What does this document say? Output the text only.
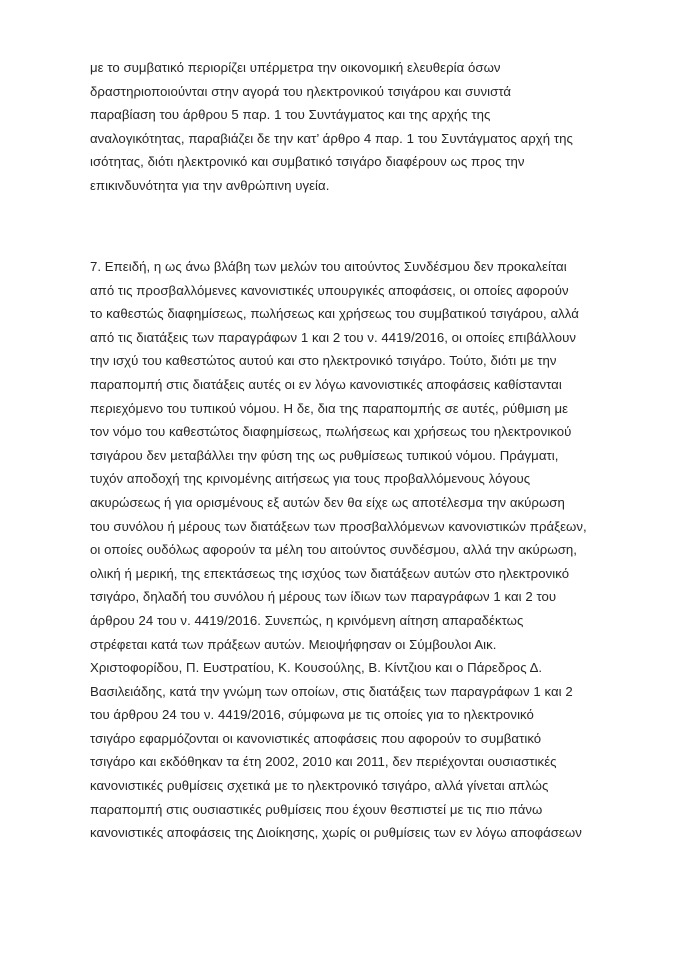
με το συμβατικό περιορίζει υπέρμετρα την οικονομική ελευθερία όσων
δραστηριοποιούνται στην αγορά του ηλεκτρονικού τσιγάρου και συνιστά
παραβίαση του άρθρου 5 παρ. 1 του Συντάγματος και της αρχής της
αναλογικότητας, παραβιάζει δε την κατ’ άρθρο 4 παρ. 1 του Συντάγματος αρχή της
ισότητας, διότι ηλεκτρονικό και συμβατικό τσιγάρο διαφέρουν ως προς την
επικινδυνότητα για την ανθρώπινη υγεία.

7. Επειδή, η ως άνω βλάβη των μελών του αιτούντος Συνδέσμου δεν προκαλείται
από τις προσβαλλόμενες κανονιστικές υπουργικές αποφάσεις, οι οποίες αφορούν
το καθεστώς διαφημίσεως, πωλήσεως και χρήσεως του συμβατικού τσιγάρου, αλλά
από τις διατάξεις των παραγράφων 1 και 2 του ν. 4419/2016, οι οποίες επιβάλλουν
την ισχύ του καθεστώτος αυτού και στο ηλεκτρονικό τσιγάρο. Τούτο, διότι με την
παραπομπή στις διατάξεις αυτές οι εν λόγω κανονιστικές αποφάσεις καθίστανται
περιεχόμενο του τυπικού νόμου. Η δε, δια της παραπομπής σε αυτές, ρύθμιση με
τον νόμο του καθεστώτος διαφημίσεως, πωλήσεως και χρήσεως του ηλεκτρονικού
τσιγάρου δεν μεταβάλλει την φύση της ως ρυθμίσεως τυπικού νόμου. Πράγματι,
τυχόν αποδοχή της κρινομένης αιτήσεως για τους προβαλλόμενους λόγους
ακυρώσεως ή για ορισμένους εξ αυτών δεν θα είχε ως αποτέλεσμα την ακύρωση
του συνόλου ή μέρους των διατάξεων των προσβαλλόμενων κανονιστικών πράξεων,
οι οποίες ουδόλως αφορούν τα μέλη του αιτούντος συνδέσμου, αλλά την ακύρωση,
ολική ή μερική, της επεκτάσεως της ισχύος των διατάξεων αυτών στο ηλεκτρονικό
τσιγάρο, δηλαδή του συνόλου ή μέρους των ίδιων των παραγράφων 1 και 2 του
άρθρου 24 του ν. 4419/2016. Συνεπώς, η κρινόμενη αίτηση απαραδέκτως
στρέφεται κατά των πράξεων αυτών. Μειοψήφησαν οι Σύμβουλοι Αικ.
Χριστοφορίδου, Π. Ευστρατίου, Κ. Κουσούλης, Β. Κίντζιου και ο Πάρεδρος Δ.
Βασιλειάδης, κατά την γνώμη των οποίων, στις διατάξεις των παραγράφων 1 και 2
του άρθρου 24 του ν. 4419/2016, σύμφωνα με τις οποίες για το ηλεκτρονικό
τσιγάρο εφαρμόζονται οι κανονιστικές αποφάσεις που αφορούν το συμβατικό
τσιγάρο και εκδόθηκαν τα έτη 2002, 2010 και 2011, δεν περιέχονται ουσιαστικές
κανονιστικές ρυθμίσεις σχετικά με το ηλεκτρονικό τσιγάρο, αλλά γίνεται απλώς
παραπομπή στις ουσιαστικές ρυθμίσεις που έχουν θεσπιστεί με τις πιο πάνω
κανονιστικές αποφάσεις της Διοίκησης, χωρίς οι ρυθμίσεις των εν λόγω αποφάσεων
